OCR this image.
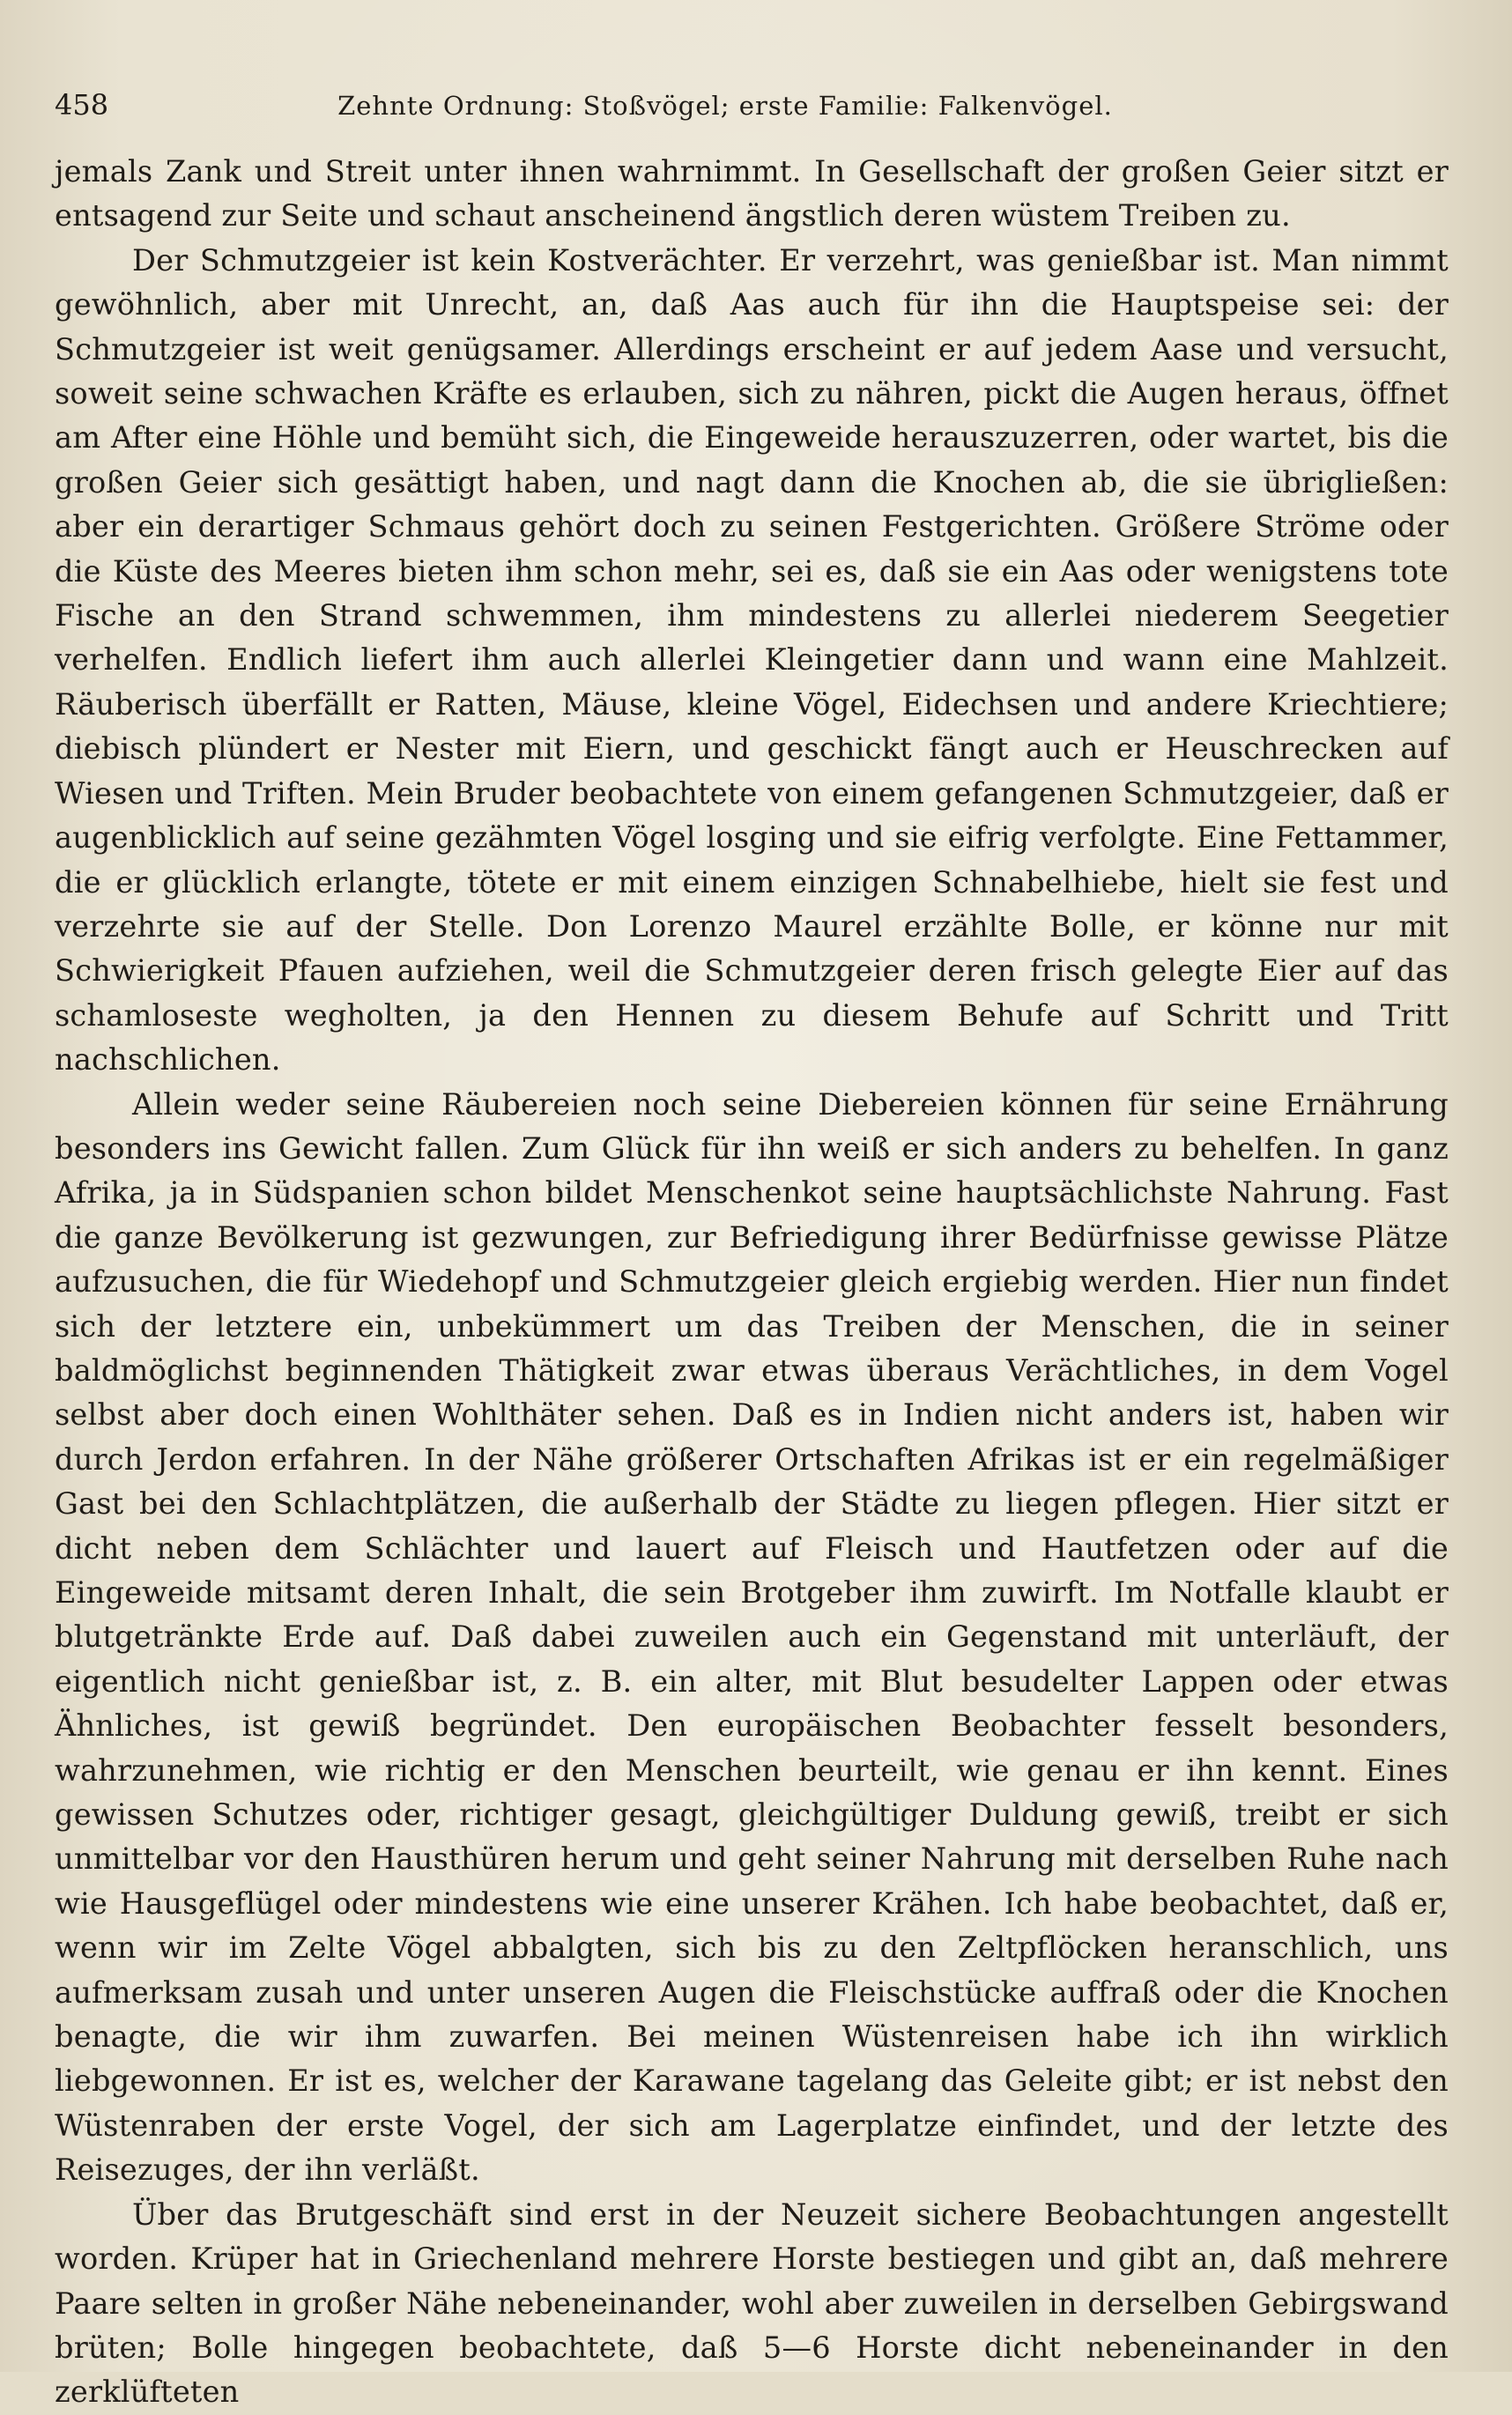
458	Zehnte Ordnung: Stoßvögel; erste Familie: Falkenvögel.

jemals Zank und Streit unter ihnen wahrnimmt. In Gesellschaft der großen Geier sitzt er entsagend zur Seite und schaut anscheinend ängstlich deren wüstem Treiben zu.

Der Schmutzgeier ist kein Kostverächter. Er verzehrt, was genießbar ist. Man nimmt gewöhnlich, aber mit Unrecht, an, daß Aas auch für ihn die Hauptspeise sei: der Schmutzgeier ist weit genügsamer. Allerdings erscheint er auf jedem Aase und versucht, soweit seine schwachen Kräfte es erlauben, sich zu nähren, pickt die Augen heraus, öffnet am After eine Höhle und bemüht sich, die Eingeweide herauszuzerren, oder wartet, bis die großen Geier sich gesättigt haben, und nagt dann die Knochen ab, die sie übrigließen: aber ein derartiger Schmaus gehört doch zu seinen Festgerichten. Größere Ströme oder die Küste des Meeres bieten ihm schon mehr, sei es, daß sie ein Aas oder wenigstens tote Fische an den Strand schwemmen, ihm mindestens zu allerlei niederem Seegetier verhelfen. Endlich liefert ihm auch allerlei Kleingetier dann und wann eine Mahlzeit. Räuberisch überfällt er Ratten, Mäuse, kleine Vögel, Eidechsen und andere Kriechtiere; diebisch plündert er Nester mit Eiern, und geschickt fängt auch er Heuschrecken auf Wiesen und Triften. Mein Bruder beobachtete von einem gefangenen Schmutzgeier, daß er augenblicklich auf seine gezähmten Vögel losging und sie eifrig verfolgte. Eine Fettammer, die er glücklich erlangte, tötete er mit einem einzigen Schnabelhiebe, hielt sie fest und verzehrte sie auf der Stelle. Don Lorenzo Maurel erzählte Bolle, er könne nur mit Schwierigkeit Pfauen aufziehen, weil die Schmutzgeier deren frisch gelegte Eier auf das schamloseste wegholten, ja den Hennen zu diesem Behufe auf Schritt und Tritt nachschlichen.

Allein weder seine Räubereien noch seine Diebereien können für seine Ernährung besonders ins Gewicht fallen. Zum Glück für ihn weiß er sich anders zu behelfen. In ganz Afrika, ja in Südspanien schon bildet Menschenkot seine hauptsächlichste Nahrung. Fast die ganze Bevölkerung ist gezwungen, zur Befriedigung ihrer Bedürfnisse gewisse Plätze aufzusuchen, die für Wiedehopf und Schmutzgeier gleich ergiebig werden. Hier nun findet sich der letztere ein, unbekümmert um das Treiben der Menschen, die in seiner baldmöglichst beginnenden Thätigkeit zwar etwas überaus Verächtliches, in dem Vogel selbst aber doch einen Wohlthäter sehen. Daß es in Indien nicht anders ist, haben wir durch Jerdon erfahren. In der Nähe größerer Ortschaften Afrikas ist er ein regelmäßiger Gast bei den Schlachtplätzen, die außerhalb der Städte zu liegen pflegen. Hier sitzt er dicht neben dem Schlächter und lauert auf Fleisch und Hautfetzen oder auf die Eingeweide mitsamt deren Inhalt, die sein Brotgeber ihm zuwirft. Im Notfalle klaubt er blutgetränkte Erde auf. Daß dabei zuweilen auch ein Gegenstand mit unterläuft, der eigentlich nicht genießbar ist, z. B. ein alter, mit Blut besudelter Lappen oder etwas Ähnliches, ist gewiß begründet. Den europäischen Beobachter fesselt besonders, wahrzunehmen, wie richtig er den Menschen beurteilt, wie genau er ihn kennt. Eines gewissen Schutzes oder, richtiger gesagt, gleichgültiger Duldung gewiß, treibt er sich unmittelbar vor den Hausthüren herum und geht seiner Nahrung mit derselben Ruhe nach wie Hausgeflügel oder mindestens wie eine unserer Krähen. Ich habe beobachtet, daß er, wenn wir im Zelte Vögel abbalgten, sich bis zu den Zeltpflöcken heranschlich, uns aufmerksam zusah und unter unseren Augen die Fleischstücke auffraß oder die Knochen benagte, die wir ihm zuwarfen. Bei meinen Wüstenreisen habe ich ihn wirklich liebgewonnen. Er ist es, welcher der Karawane tagelang das Geleite gibt; er ist nebst den Wüstenraben der erste Vogel, der sich am Lagerplatze einfindet, und der letzte des Reisezuges, der ihn verläßt.

Über das Brutgeschäft sind erst in der Neuzeit sichere Beobachtungen angestellt worden. Krüper hat in Griechenland mehrere Horste bestiegen und gibt an, daß mehrere Paare selten in großer Nähe nebeneinander, wohl aber zuweilen in derselben Gebirgswand brüten; Bolle hingegen beobachtete, daß 5—6 Horste dicht nebeneinander in den zerklüfteten
